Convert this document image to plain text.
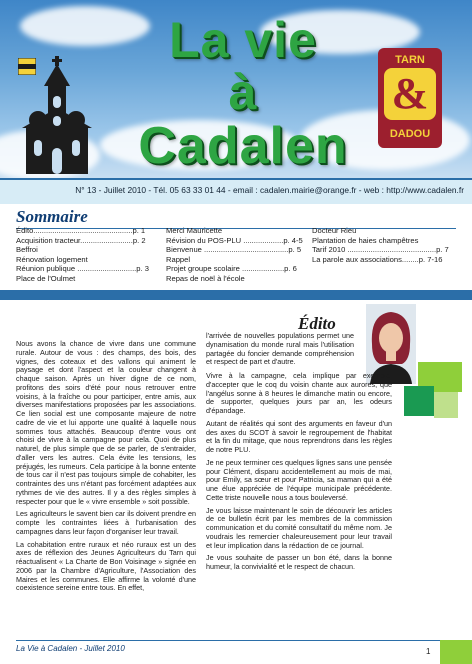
La vie
à
Cadalen
TARN
&
DADOU
N° 13 - Juillet 2010 - Tél. 05 63 33 01 44 - email : cadalen.mairie@orange.fr - web : http://www.cadalen.fr
Sommaire
Édito...............................................p. 1
Acquisition tracteur.........................p. 2
Beffroi
Rénovation logement
Réunion publique ............................p. 3
Place de l'Oulmet
Merci Mauricette
Révision du POS-PLU ...................p. 4-5
Bienvenue ........................................p. 5
Rappel
Projet groupe scolaire ....................p. 6
Repas de noël à l'école
Docteur Rieu
Plantation de haies champêtres
Tarif 2010 ..........................................p. 7
La parole aux associations........p. 7-16
Édito

Nous avons la chance de vivre dans une commune rurale. Autour de vous : des champs, des bois, des vignes, des coteaux et des vallons qui animent le paysage et dont l'aspect et la couleur changent à chaque saison. Après un hiver digne de ce nom, profitons des soirs d'été pour nous retrouver entre voisins, à la fraîche ou pour participer, entre amis, aux diverses manifestations proposées par les associations. Ce lien social est une composante majeure de notre cadre de vie et lui apporte une qualité à laquelle nous sommes tous attachés. Beaucoup d'entre vous ont choisi de vivre à la campagne pour cela. Quoi de plus naturel, de plus simple que de se parler, de s'entraider, d'aller vers les autres. Cela évite les tensions, les préjugés, les rumeurs. Cela participe à la bonne entente de tous car il n'est pas toujours simple de cohabiter, les contraintes des uns n'étant pas forcément adaptées aux rythmes de vie des autres. Il y a des règles simples à respecter pour que le « vivre ensemble » soit possible.

Les agriculteurs le savent bien car ils doivent prendre en compte les contraintes liées à l'urbanisation des campagnes dans leur façon d'organiser leur travail.

La cohabitation entre ruraux et néo ruraux est un des axes de réflexion des Jeunes Agriculteurs du Tarn qui réactualisent « La Charte de Bon Voisinage » signée en 2006 par la Chambre d'Agriculture, l'Association des Maires et les communes. Elle affirme la volonté d'une coexistence sereine entre tous. En effet,

l'arrivée de nouvelles populations permet une dynamisation du monde rural mais l'utilisation partagée du foncier demande compréhension et respect de part et d'autre.

Vivre à la campagne, cela implique par exemple, d'accepter que le coq du voisin chante aux aurores, que l'angélus sonne à 8 heures le dimanche matin ou encore, de supporter, quelques jours par an, les odeurs d'épandage.

Autant de réalités qui sont des arguments en faveur d'un des axes du SCOT à savoir le regroupement de l'habitat et la fin du mitage, que nous reprendrons dans les règles de notre PLU.

Je ne peux terminer ces quelques lignes sans une pensée pour Clément, disparu accidentellement au mois de mai, pour Emily, sa sœur et pour Patricia, sa maman qui a été une élue appréciée de l'équipe municipale précédente. Cette triste nouvelle nous a tous bouleversé.

Je vous laisse maintenant le soin de découvrir les articles de ce bulletin écrit par les membres de la commission communication et du comité consultatif du même nom. Je voudrais les remercier chaleureusement pour leur travail et leur implication dans la rédaction de ce journal.

Je vous souhaite de passer un bon été, dans la bonne humeur, la convivialité et le respect de chacun.

La Vie à Cadalen - Juillet 2010	1
